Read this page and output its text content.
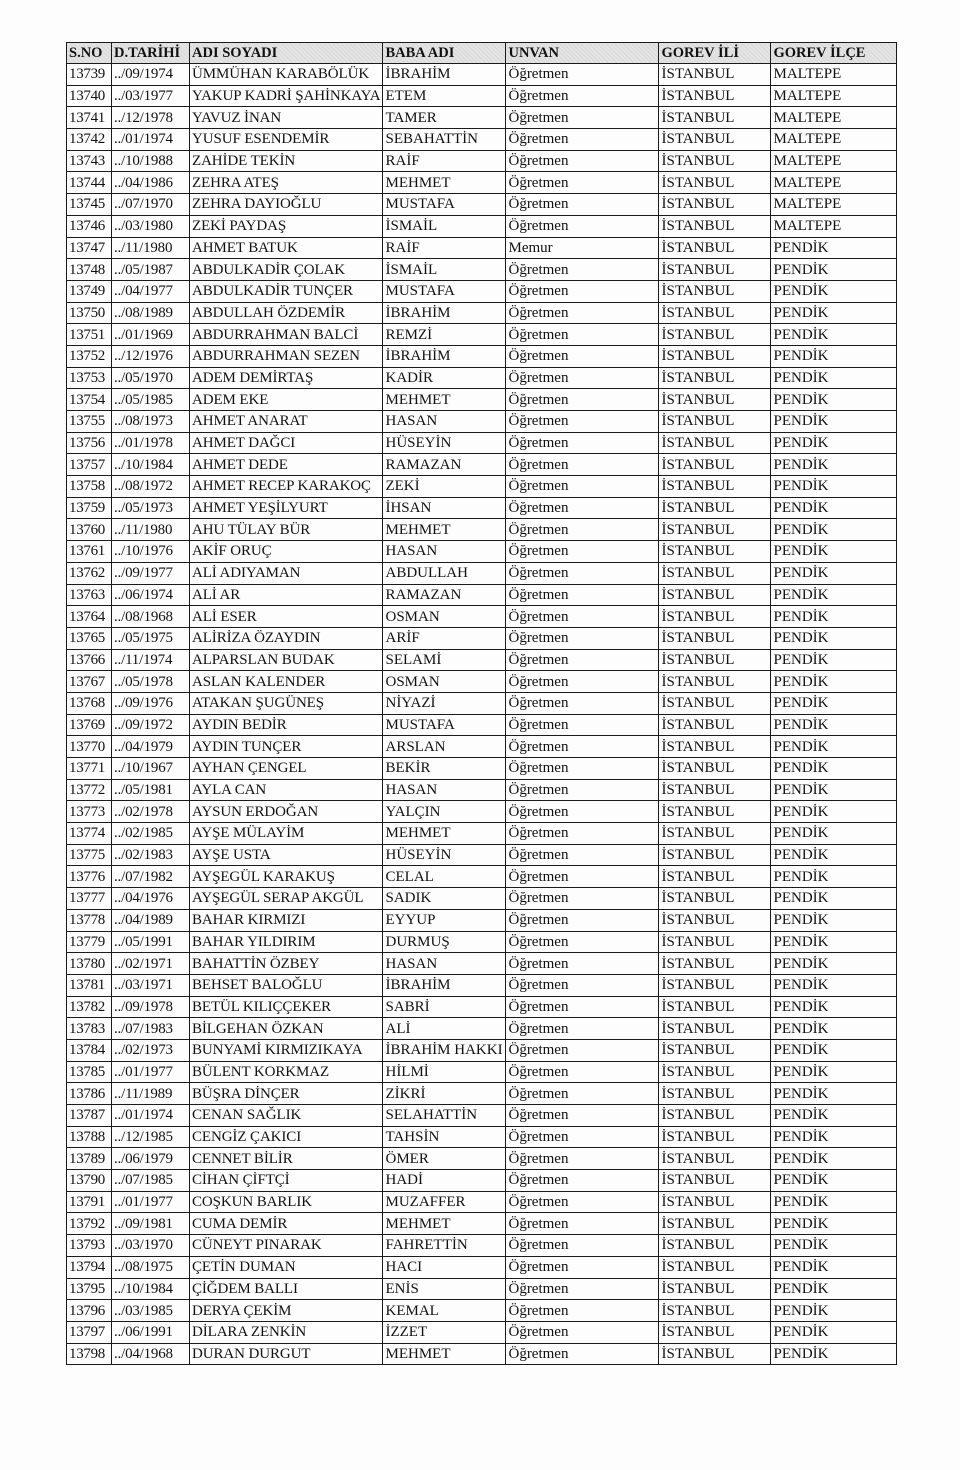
S.NO	D.TARİHİ	ADI SOYADI	BABA ADI	UNVAN	GOREV İLİ	GOREV İLÇE
13739	../09/1974	ÜMMÜHAN KARABÖLÜK	İBRAHİM	Öğretmen	İSTANBUL	MALTEPE
13740	../03/1977	YAKUP KADRİ ŞAHİNKAYA	ETEM	Öğretmen	İSTANBUL	MALTEPE
13741	../12/1978	YAVUZ İNAN	TAMER	Öğretmen	İSTANBUL	MALTEPE
13742	../01/1974	YUSUF ESENDEMİR	SEBAHATTİN	Öğretmen	İSTANBUL	MALTEPE
13743	../10/1988	ZAHİDE TEKİN	RAİF	Öğretmen	İSTANBUL	MALTEPE
13744	../04/1986	ZEHRA ATEŞ	MEHMET	Öğretmen	İSTANBUL	MALTEPE
13745	../07/1970	ZEHRA DAYIOĞLU	MUSTAFA	Öğretmen	İSTANBUL	MALTEPE
13746	../03/1980	ZEKİ PAYDAŞ	İSMAİL	Öğretmen	İSTANBUL	MALTEPE
13747	../11/1980	AHMET BATUK	RAİF	Memur	İSTANBUL	PENDİK
13748	../05/1987	ABDULKADİR ÇOLAK	İSMAİL	Öğretmen	İSTANBUL	PENDİK
13749	../04/1977	ABDULKADİR TUNÇER	MUSTAFA	Öğretmen	İSTANBUL	PENDİK
13750	../08/1989	ABDULLAH ÖZDEMİR	İBRAHİM	Öğretmen	İSTANBUL	PENDİK
13751	../01/1969	ABDURRAHMAN BALCİ	REMZİ	Öğretmen	İSTANBUL	PENDİK
13752	../12/1976	ABDURRAHMAN SEZEN	İBRAHİM	Öğretmen	İSTANBUL	PENDİK
13753	../05/1970	ADEM DEMİRTAŞ	KADİR	Öğretmen	İSTANBUL	PENDİK
13754	../05/1985	ADEM EKE	MEHMET	Öğretmen	İSTANBUL	PENDİK
13755	../08/1973	AHMET ANARAT	HASAN	Öğretmen	İSTANBUL	PENDİK
13756	../01/1978	AHMET DAĞCI	HÜSEYİN	Öğretmen	İSTANBUL	PENDİK
13757	../10/1984	AHMET DEDE	RAMAZAN	Öğretmen	İSTANBUL	PENDİK
13758	../08/1972	AHMET RECEP KARAKOÇ	ZEKİ	Öğretmen	İSTANBUL	PENDİK
13759	../05/1973	AHMET YEŞİLYURT	İHSAN	Öğretmen	İSTANBUL	PENDİK
13760	../11/1980	AHU TÜLAY BÜR	MEHMET	Öğretmen	İSTANBUL	PENDİK
13761	../10/1976	AKİF ORUÇ	HASAN	Öğretmen	İSTANBUL	PENDİK
13762	../09/1977	ALİ ADIYAMAN	ABDULLAH	Öğretmen	İSTANBUL	PENDİK
13763	../06/1974	ALİ AR	RAMAZAN	Öğretmen	İSTANBUL	PENDİK
13764	../08/1968	ALİ ESER	OSMAN	Öğretmen	İSTANBUL	PENDİK
13765	../05/1975	ALİRİZA ÖZAYDIN	ARİF	Öğretmen	İSTANBUL	PENDİK
13766	../11/1974	ALPARSLAN BUDAK	SELAMİ	Öğretmen	İSTANBUL	PENDİK
13767	../05/1978	ASLAN KALENDER	OSMAN	Öğretmen	İSTANBUL	PENDİK
13768	../09/1976	ATAKAN ŞUGÜNEŞ	NİYAZİ	Öğretmen	İSTANBUL	PENDİK
13769	../09/1972	AYDIN BEDİR	MUSTAFA	Öğretmen	İSTANBUL	PENDİK
13770	../04/1979	AYDIN TUNÇER	ARSLAN	Öğretmen	İSTANBUL	PENDİK
13771	../10/1967	AYHAN ÇENGEL	BEKİR	Öğretmen	İSTANBUL	PENDİK
13772	../05/1981	AYLA CAN	HASAN	Öğretmen	İSTANBUL	PENDİK
13773	../02/1978	AYSUN ERDOĞAN	YALÇIN	Öğretmen	İSTANBUL	PENDİK
13774	../02/1985	AYŞE MÜLAYİM	MEHMET	Öğretmen	İSTANBUL	PENDİK
13775	../02/1983	AYŞE USTA	HÜSEYİN	Öğretmen	İSTANBUL	PENDİK
13776	../07/1982	AYŞEGÜL KARAKUŞ	CELAL	Öğretmen	İSTANBUL	PENDİK
13777	../04/1976	AYŞEGÜL SERAP AKGÜL	SADIK	Öğretmen	İSTANBUL	PENDİK
13778	../04/1989	BAHAR KIRMIZI	EYYUP	Öğretmen	İSTANBUL	PENDİK
13779	../05/1991	BAHAR YILDIRIM	DURMUŞ	Öğretmen	İSTANBUL	PENDİK
13780	../02/1971	BAHATTİN ÖZBEY	HASAN	Öğretmen	İSTANBUL	PENDİK
13781	../03/1971	BEHSET BALOĞLU	İBRAHİM	Öğretmen	İSTANBUL	PENDİK
13782	../09/1978	BETÜL KILIÇÇEKER	SABRİ	Öğretmen	İSTANBUL	PENDİK
13783	../07/1983	BİLGEHAN ÖZKAN	ALİ	Öğretmen	İSTANBUL	PENDİK
13784	../02/1973	BUNYAMİ KIRMIZIKAYA	İBRAHİM HAKKI	Öğretmen	İSTANBUL	PENDİK
13785	../01/1977	BÜLENT KORKMAZ	HİLMİ	Öğretmen	İSTANBUL	PENDİK
13786	../11/1989	BÜŞRA DİNÇER	ZİKRİ	Öğretmen	İSTANBUL	PENDİK
13787	../01/1974	CENAN SAĞLIK	SELAHATTİN	Öğretmen	İSTANBUL	PENDİK
13788	../12/1985	CENGİZ ÇAKICI	TAHSİN	Öğretmen	İSTANBUL	PENDİK
13789	../06/1979	CENNET BİLİR	ÖMER	Öğretmen	İSTANBUL	PENDİK
13790	../07/1985	CİHAN ÇİFTÇİ	HADİ	Öğretmen	İSTANBUL	PENDİK
13791	../01/1977	COŞKUN BARLIK	MUZAFFER	Öğretmen	İSTANBUL	PENDİK
13792	../09/1981	CUMA DEMİR	MEHMET	Öğretmen	İSTANBUL	PENDİK
13793	../03/1970	CÜNEYT PINARAK	FAHRETTİN	Öğretmen	İSTANBUL	PENDİK
13794	../08/1975	ÇETİN DUMAN	HACI	Öğretmen	İSTANBUL	PENDİK
13795	../10/1984	ÇİĞDEM BALLI	ENİS	Öğretmen	İSTANBUL	PENDİK
13796	../03/1985	DERYA ÇEKİM	KEMAL	Öğretmen	İSTANBUL	PENDİK
13797	../06/1991	DİLARA ZENKİN	İZZET	Öğretmen	İSTANBUL	PENDİK
13798	../04/1968	DURAN DURGUT	MEHMET	Öğretmen	İSTANBUL	PENDİK
